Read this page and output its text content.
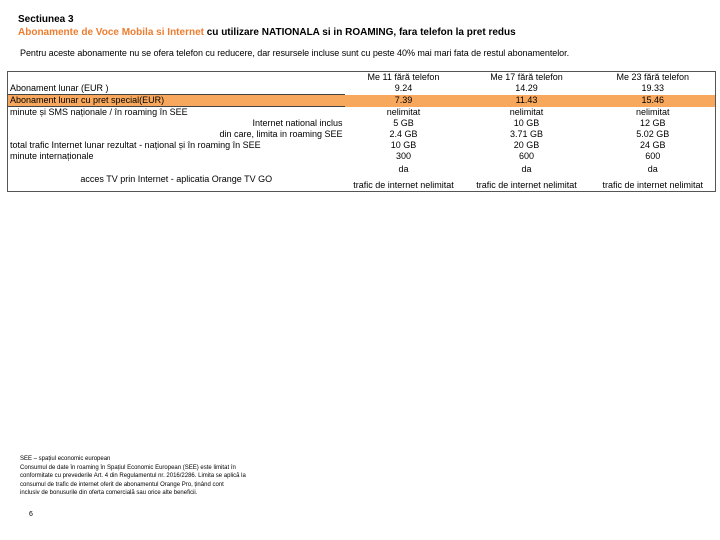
Sectiunea 3
Abonamente de Voce Mobila si Internet cu utilizare NATIONALA si in ROAMING, fara telefon la pret redus
Pentru aceste abonamente nu se ofera telefon cu reducere, dar resursele incluse sunt cu peste 40% mai mari fata de restul abonamentelor.
	Me 11 fără telefon	Me 17 fără telefon	Me 23 fără telefon
Abonament lunar (EUR )	9.24	14.29	19.33
Abonament lunar cu pret special(EUR)	7.39	11.43	15.46
minute și SMS naționale / în roaming în SEE	nelimitat	nelimitat	nelimitat
Internet national inclus	5 GB	10 GB	12 GB
din care, limita in roaming SEE	2.4 GB	3.71 GB	5.02 GB
total trafic Internet lunar rezultat - național și în roaming în SEE	10 GB	20 GB	24 GB
minute internaționale	300	600	600
acces TV prin Internet - aplicatia Orange TV GO	da	da	da
	trafic de internet nelimitat	trafic de internet nelimitat	trafic de internet nelimitat
SEE – spațiul economic european
Consumul de date în roaming în Spațiul Economic European (SEE) este limitat în
conformitate cu prevederile Art. 4 din Regulamentul nr. 2016/2286. Limita se aplică la
consumul de trafic de internet oferit de abonamentul Orange Pro, ținând cont
inclusiv de bonusurile din oferta comercială sau orice alte beneficii.
6
